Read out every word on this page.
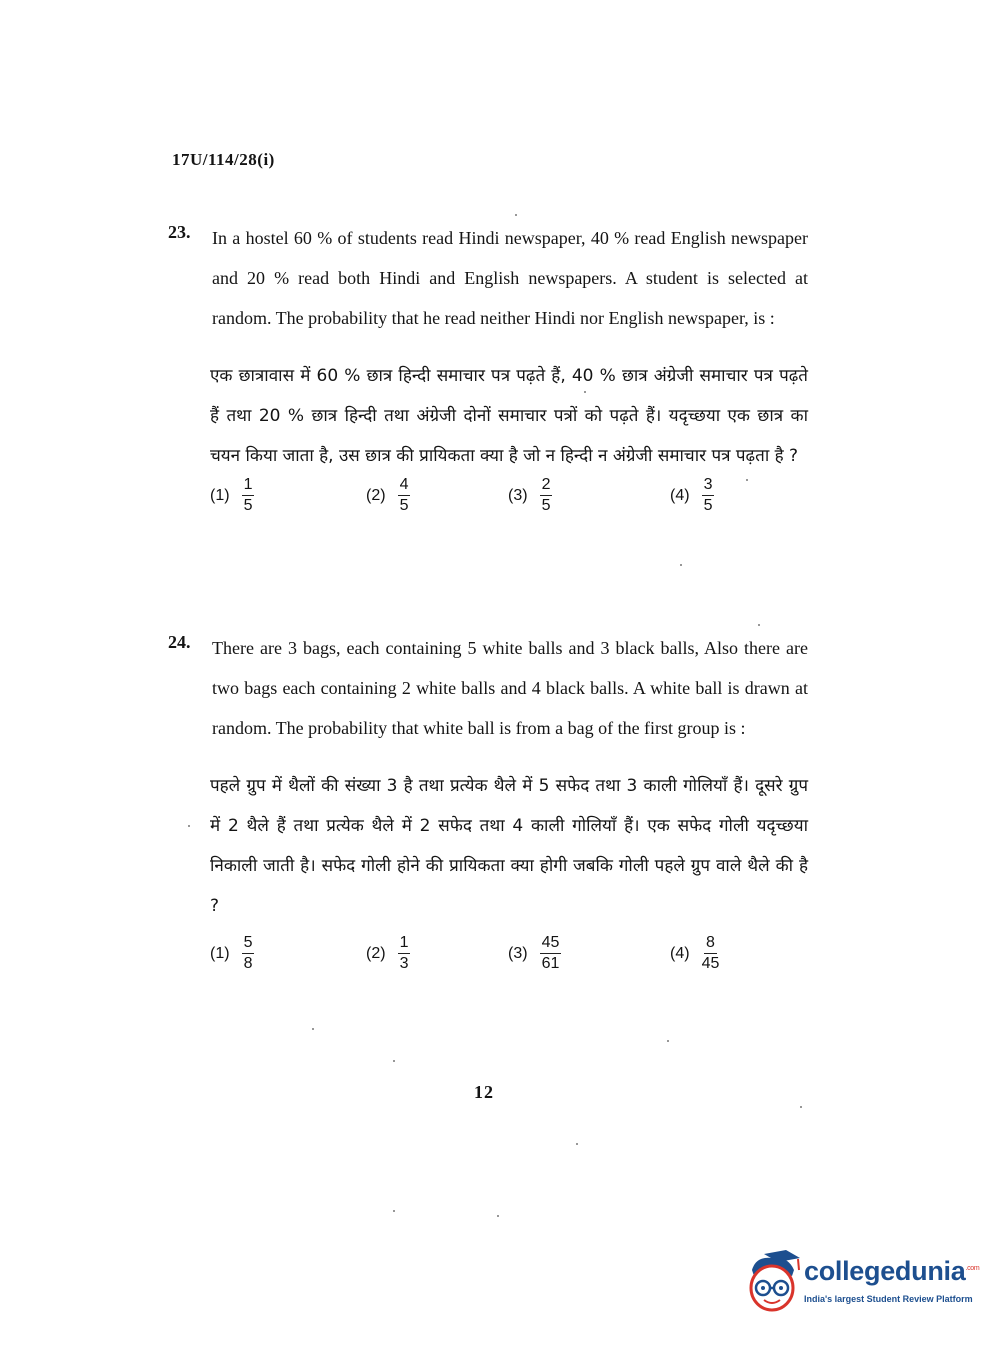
17U/114/28(i)
23. In a hostel 60 % of students read Hindi newspaper, 40 % read English newspaper and 20 % read both Hindi and English newspapers. A student is selected at random. The probability that he read neither Hindi nor English newspaper, is :
एक छात्रावास में 60 % छात्र हिन्दी समाचार पत्र पढ़ते हैं, 40 % छात्र अंग्रेजी समाचार पत्र पढ़ते हैं तथा 20 % छात्र हिन्दी तथा अंग्रेजी दोनों समाचार पत्रों को पढ़ते हैं। यदृच्छया एक छात्र का चयन किया जाता है, उस छात्र की प्रायिकता क्या है जो न हिन्दी न अंग्रेजी समाचार पत्र पढ़ता है ?
$(1) \frac{1}{5}$	$(2) \frac{4}{5}$	$(3) \frac{2}{5}$	$(4) \frac{3}{5}$
24. There are 3 bags, each containing 5 white balls and 3 black balls, Also there are two bags each containing 2 white balls and 4 black balls. A white ball is drawn at random. The probability that white ball is from a bag of the first group is :
पहले ग्रुप में थैलों की संख्या 3 है तथा प्रत्येक थैले में 5 सफेद तथा 3 काली गोलियाँ हैं। दूसरे ग्रुप में 2 थैले हैं तथा प्रत्येक थैले में 2 सफेद तथा 4 काली गोलियाँ हैं। एक सफेद गोली यदृच्छया निकाली जाती है। सफेद गोली होने की प्रायिकता क्या होगी जबकि गोली पहले ग्रुप वाले थैले की है ?
$(1) \frac{5}{8}$	$(2) \frac{1}{3}$	$(3) \frac{45}{61}$	$(4) \frac{8}{45}$
12
collegedunia$^{.com}$
India's largest Student Review Platform
